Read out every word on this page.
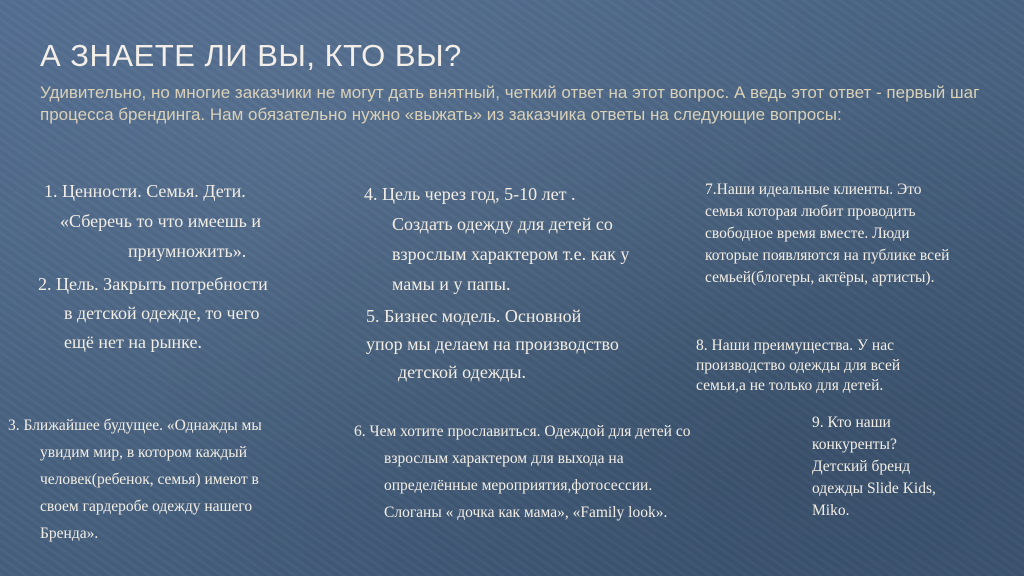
А ЗНАЕТЕ ЛИ ВЫ, КТО ВЫ?

Удивительно, но многие заказчики не могут дать внятный, четкий ответ на этот вопрос. А ведь этот ответ - первый шаг процесса брендинга. Нам обязательно нужно «выжать» из заказчика ответы на следующие вопросы:

1. Ценности. Семья. Дети.

«Сберечь то что имеешь и

приумножить».

2. Цель. Закрыть потребности

в детской одежде, то чего

ещё нет на рынке.

4. Цель через год, 5-10 лет .

Создать одежду для детей со

взрослым характером т.е. как у

мамы и у папы.

5. Бизнес модель. Основной

упор мы делаем на производство

детской одежды.

7.Наши идеальные клиенты. Это

семья которая любит проводить

свободное время вместе. Люди

которые появляются на публике всей

семьей(блогеры, актёры, артисты).

8. Наши преимущества. У нас

производство одежды для всей

семьи,а не только для детей.

3. Ближайшее будущее. «Однажды мы

увидим мир, в котором каждый

человек(ребенок, семья) имеют в

своем гардеробе одежду нашего

Бренда».

6. Чем хотите прославиться. Одеждой для детей со

взрослым характером для выхода на

определённые мероприятия,фотосессии.

Слоганы « дочка как мама», «Family look».

9. Кто наши

конкуренты?

Детский бренд

одежды Slide Kids,

Miko.
